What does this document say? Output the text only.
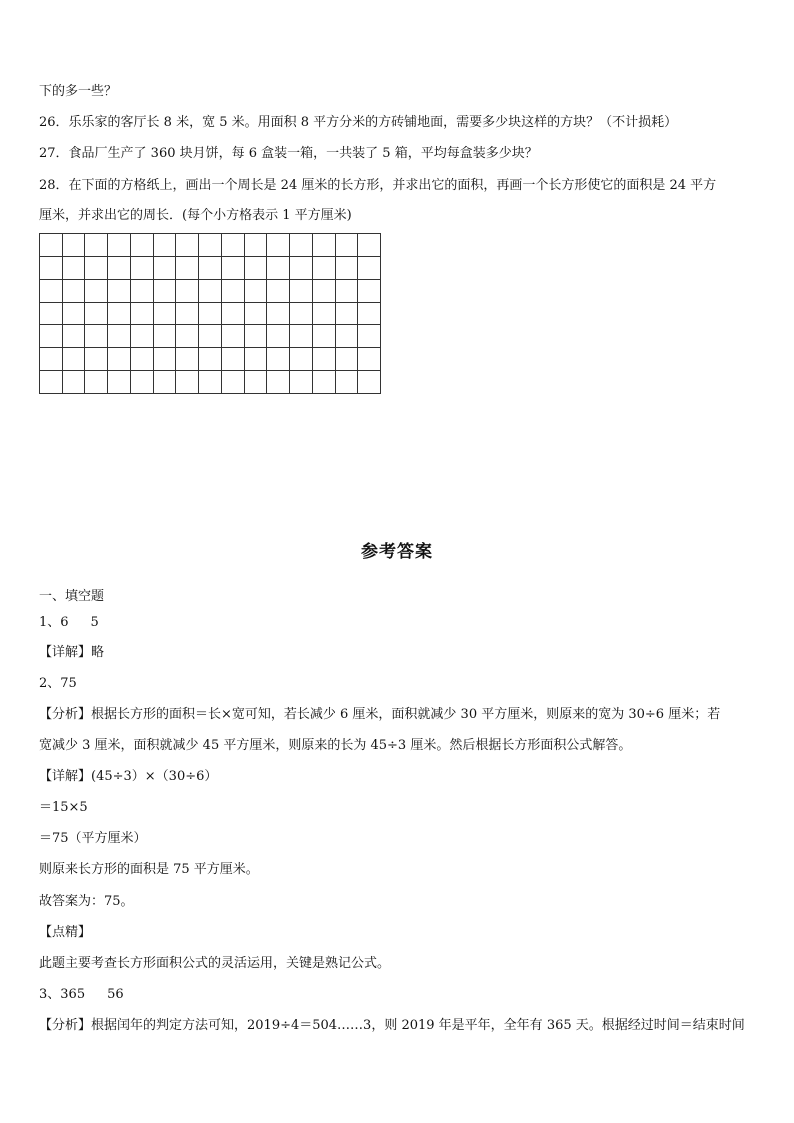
下的多一些？
26．乐乐家的客厅长 8 米，宽 5 米。用面积 8 平方分米的方砖铺地面，需要多少块这样的方块？（不计损耗）
27．食品厂生产了 360 块月饼，每 6 盒装一箱，一共装了 5 箱，平均每盒装多少块？
28．在下面的方格纸上，画出一个周长是 24 厘米的长方形，并求出它的面积，再画一个长方形使它的面积是 24 平方
厘米，并求出它的周长．(每个小方格表示 1 平方厘米)
参考答案
一、填空题
1、6 5
【详解】略
2、75
【分析】根据长方形的面积＝长×宽可知，若长减少 6 厘米，面积就减少 30 平方厘米，则原来的宽为 30÷6 厘米；若
宽减少 3 厘米，面积就减少 45 平方厘米，则原来的长为 45÷3 厘米。然后根据长方形面积公式解答。
【详解】(45÷3）×（30÷6）
＝15×5
＝75（平方厘米）
则原来长方形的面积是 75 平方厘米。
故答案为：75。
【点精】
此题主要考查长方形面积公式的灵活运用，关键是熟记公式。
3、365 56
【分析】根据闰年的判定方法可知，2019÷4＝504……3，则 2019 年是平年，全年有 365 天。根据经过时间＝结束时间
